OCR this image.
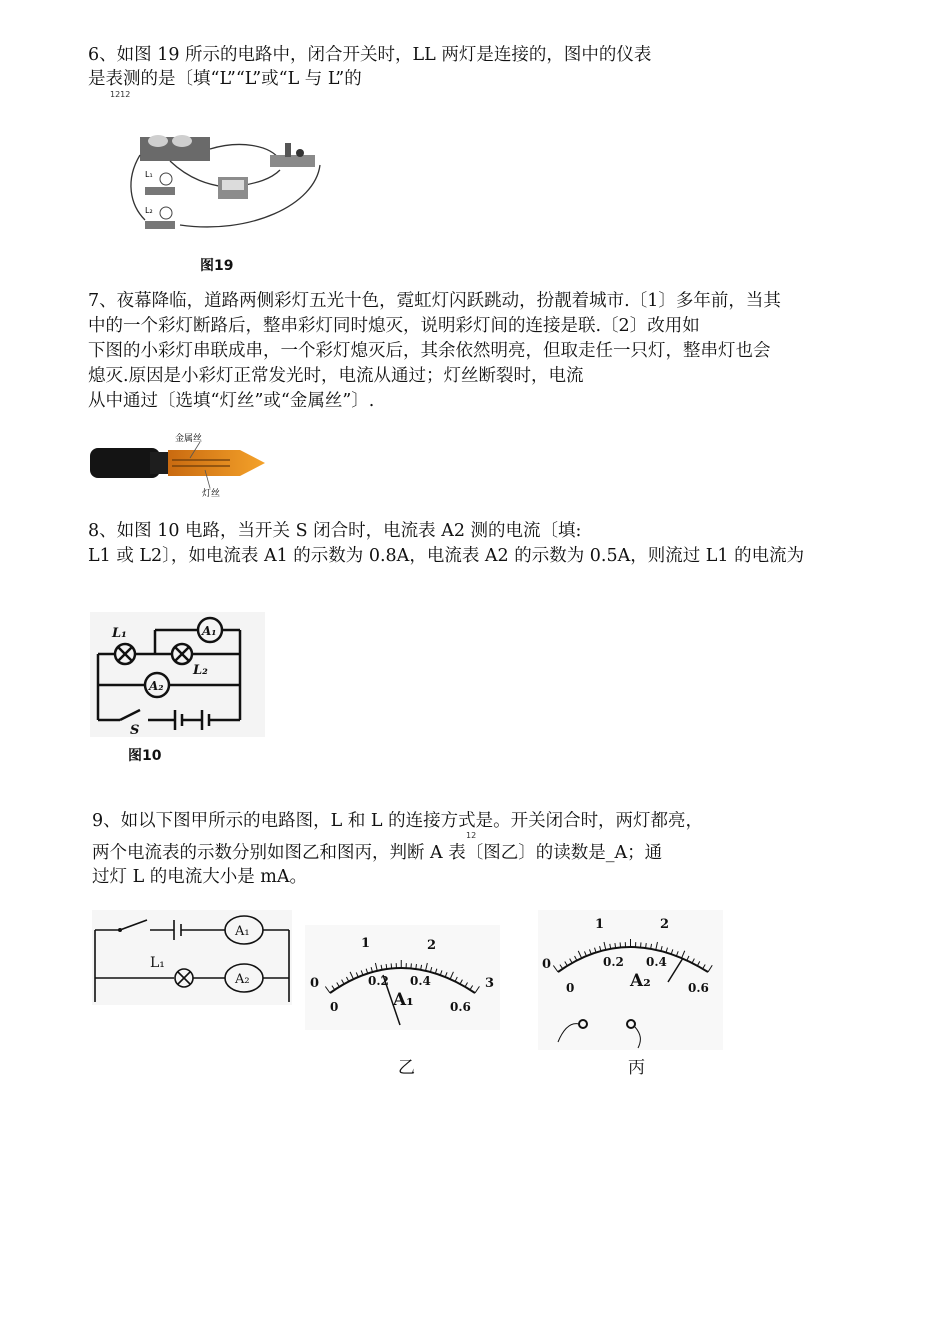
6、如图 19 所示的电路中，闭合开关时，LL 两灯是连接的，图中的仪表
是表测的是〔填“L”“L”或“L 与 L”的
1212
L₁
L₂
图19
7、夜幕降临，道路两侧彩灯五光十色，霓虹灯闪跃跳动，扮靓着城市.〔1〕多年前，当其
中的一个彩灯断路后，整串彩灯同时熄灭，说明彩灯间的连接是联.〔2〕改用如
下图的小彩灯串联成串，一个彩灯熄灭后，其余依然明亮，但取走任一只灯，整串灯也会
熄灭.原因是小彩灯正常发光时，电流从通过；灯丝断裂时，电流
从中通过〔选填“灯丝”或“金属丝”〕.
金属丝
灯丝
8、如图 10 电路，当开关 S 闭合时，电流表 A2 测的电流〔填:
L1 或 L2〕，如电流表 A1 的示数为 0.8A，电流表 A2 的示数为 0.5A，则流过 L1 的电流为
L₁
L₂
A₁
A₂
S
图10
9、如以下图甲所示的电路图，L 和 L 的连接方式是。开关闭合时，两灯都亮，
12
两个电流表的示数分别如图乙和图丙，判断 A 表〔图乙〕的读数是_A；通
过灯 L 的电流大小是 mA。
A₁
A₂
L₁
0
1	2
3
0
0.2 0.4
0.6
A₁
乙
0
1	2
0
0.2 0.4
0.6
A₂
丙
